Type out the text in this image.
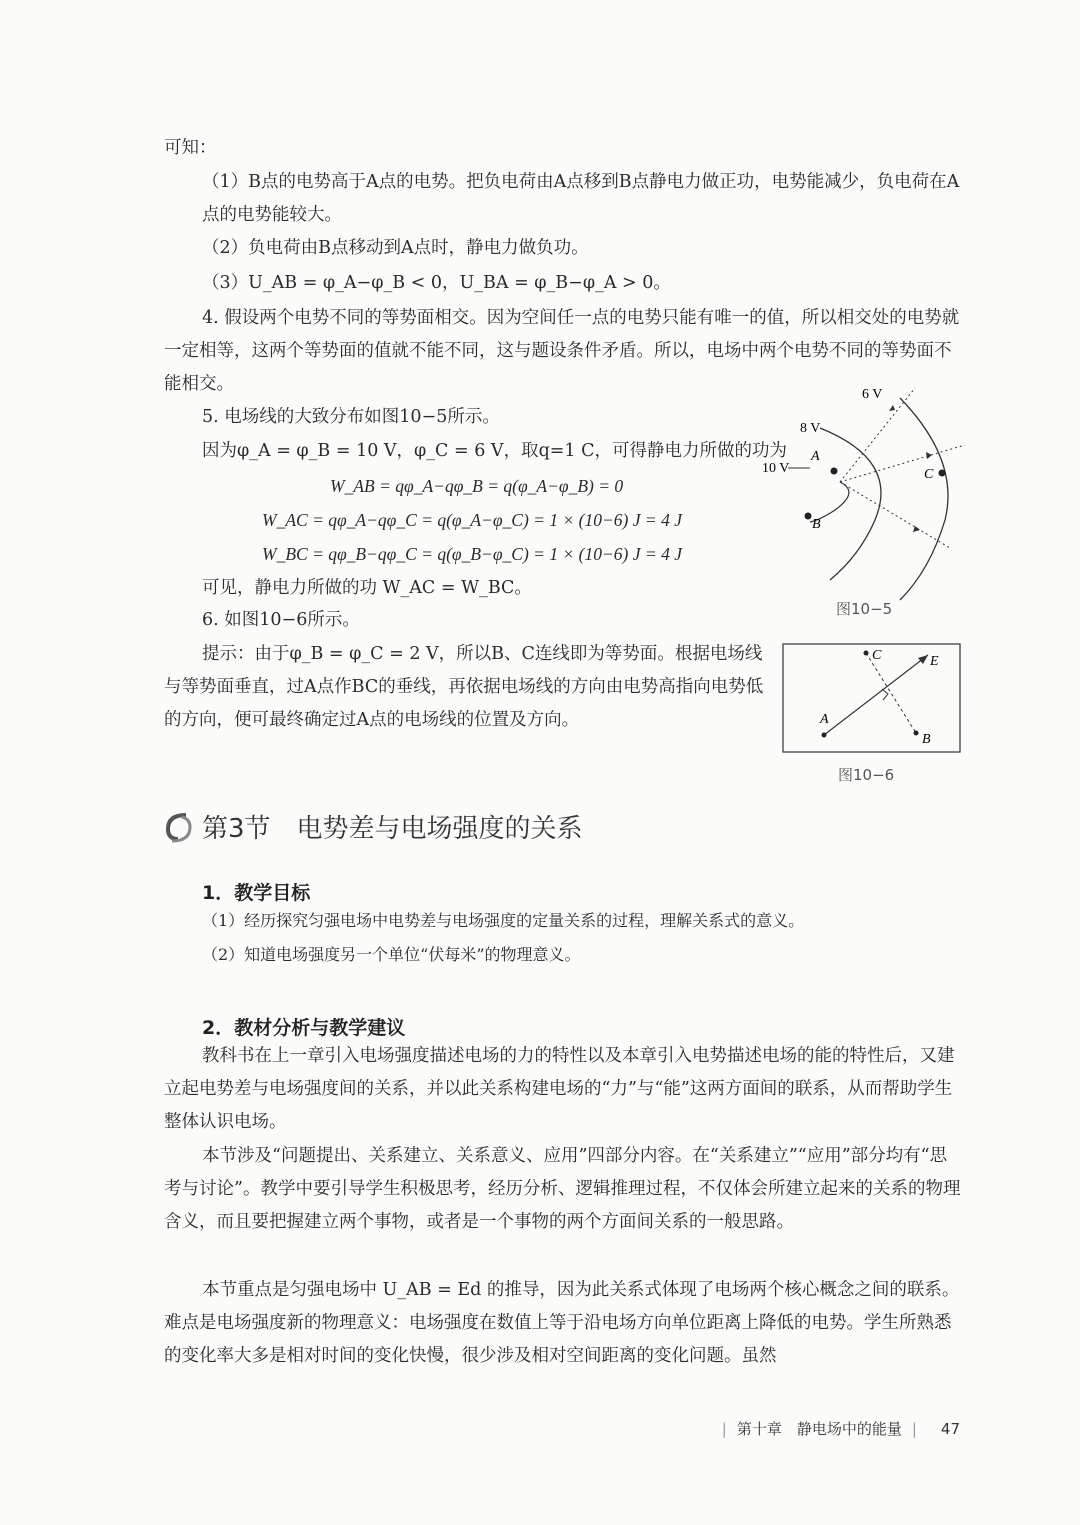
可知：

（1）B点的电势高于A点的电势。把负电荷由A点移到B点静电力做正功，电势能减少，负电荷在A点的电势能较大。

（2）负电荷由B点移动到A点时，静电力做负功。

（3）U_AB = φ_A−φ_B < 0，U_BA = φ_B−φ_A > 0。

4. 假设两个电势不同的等势面相交。因为空间任一点的电势只能有唯一的值，所以相交处的电势就一定相等，这两个等势面的值就不能不同，这与题设条件矛盾。所以，电场中两个电势不同的等势面不能相交。

5. 电场线的大致分布如图10−5所示。

因为φ_A = φ_B = 10 V，φ_C = 6 V，取q=1 C，可得静电力所做的功为

W_AB = qφ_A−qφ_B = q(φ_A−φ_B) = 0
W_AC = qφ_A−qφ_C = q(φ_A−φ_C) = 1 × (10−6) J = 4 J
W_BC = qφ_B−qφ_C = q(φ_B−φ_C) = 1 × (10−6) J = 4 J

可见，静电力所做的功 W_AC = W_BC。

6. 如图10−6所示。

提示：由于φ_B = φ_C = 2 V，所以B、C连线即为等势面。根据电场线与等势面垂直，过A点作BC的垂线，再依据电场线的方向由电势高指向电势低的方向，便可最终确定过A点的电场线的位置及方向。

A
B
C
6 V
8 V
10 V
图10−5
C
B
A
E
图10−6
第3节　电势差与电场强度的关系
1．教学目标
（1）经历探究匀强电场中电势差与电场强度的定量关系的过程，理解关系式的意义。
（2）知道电场强度另一个单位“伏每米”的物理意义。
2．教材分析与教学建议

教科书在上一章引入电场强度描述电场的力的特性以及本章引入电势描述电场的能的特性后，又建立起电势差与电场强度间的关系，并以此关系构建电场的“力”与“能”这两方面间的联系，从而帮助学生整体认识电场。

本节涉及“问题提出、关系建立、关系意义、应用”四部分内容。在“关系建立”“应用”部分均有“思考与讨论”。教学中要引导学生积极思考，经历分析、逻辑推理过程，不仅体会所建立起来的关系的物理含义，而且要把握建立两个事物，或者是一个事物的两个方面间关系的一般思路。

本节重点是匀强电场中 U_AB = Ed 的推导，因为此关系式体现了电场两个核心概念之间的联系。难点是电场强度新的物理意义：电场强度在数值上等于沿电场方向单位距离上降低的电势。学生所熟悉的变化率大多是相对时间的变化快慢，很少涉及相对空间距离的变化问题。虽然

| 第十章　静电场中的能量 | 47
